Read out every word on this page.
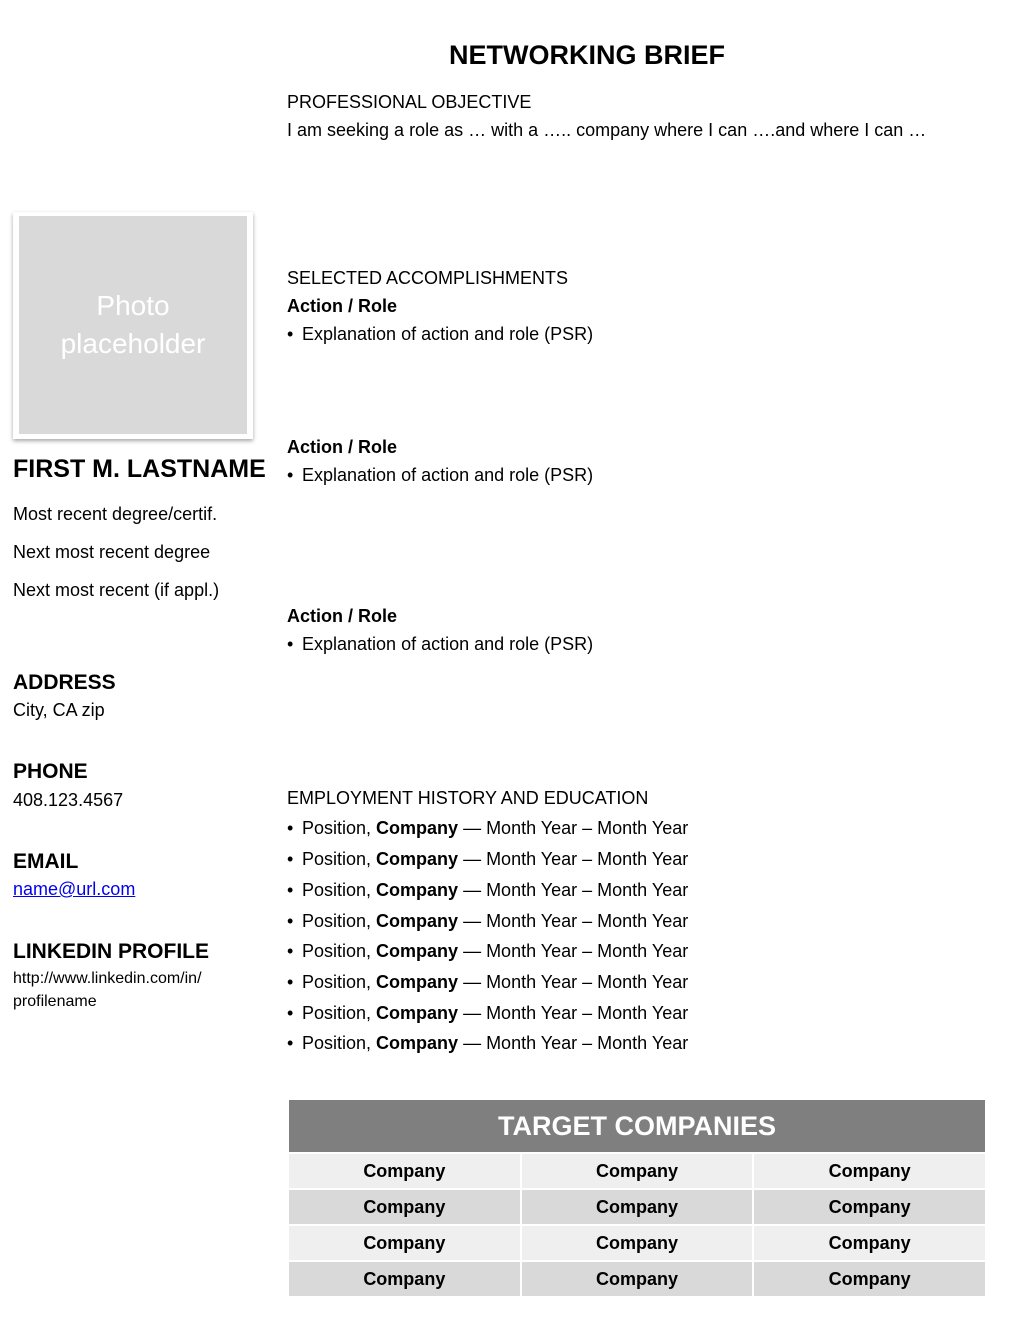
NETWORKING BRIEF
PROFESSIONAL OBJECTIVE
I am seeking a role as … with a ….. company where I can ….and where I can …
Photo
placeholder
FIRST M. LASTNAME
Most recent degree/certif.
Next most recent degree
Next most recent (if appl.)
ADDRESS
City, CA zip
PHONE
408.123.4567
EMAIL
name@url.com
LINKEDIN PROFILE
http://www.linkedin.com/in/
profilename
SELECTED ACCOMPLISHMENTS
Action / Role
• Explanation of action and role (PSR)
Action / Role
• Explanation of action and role (PSR)
Action / Role
• Explanation of action and role (PSR)
EMPLOYMENT HISTORY AND EDUCATION
• Position, Company — Month Year – Month Year
• Position, Company — Month Year – Month Year
• Position, Company — Month Year – Month Year
• Position, Company — Month Year – Month Year
• Position, Company — Month Year – Month Year
• Position, Company — Month Year – Month Year
• Position, Company — Month Year – Month Year
• Position, Company — Month Year – Month Year
TARGET COMPANIES		
Company	Company	Company
Company	Company	Company
Company	Company	Company
Company	Company	Company
